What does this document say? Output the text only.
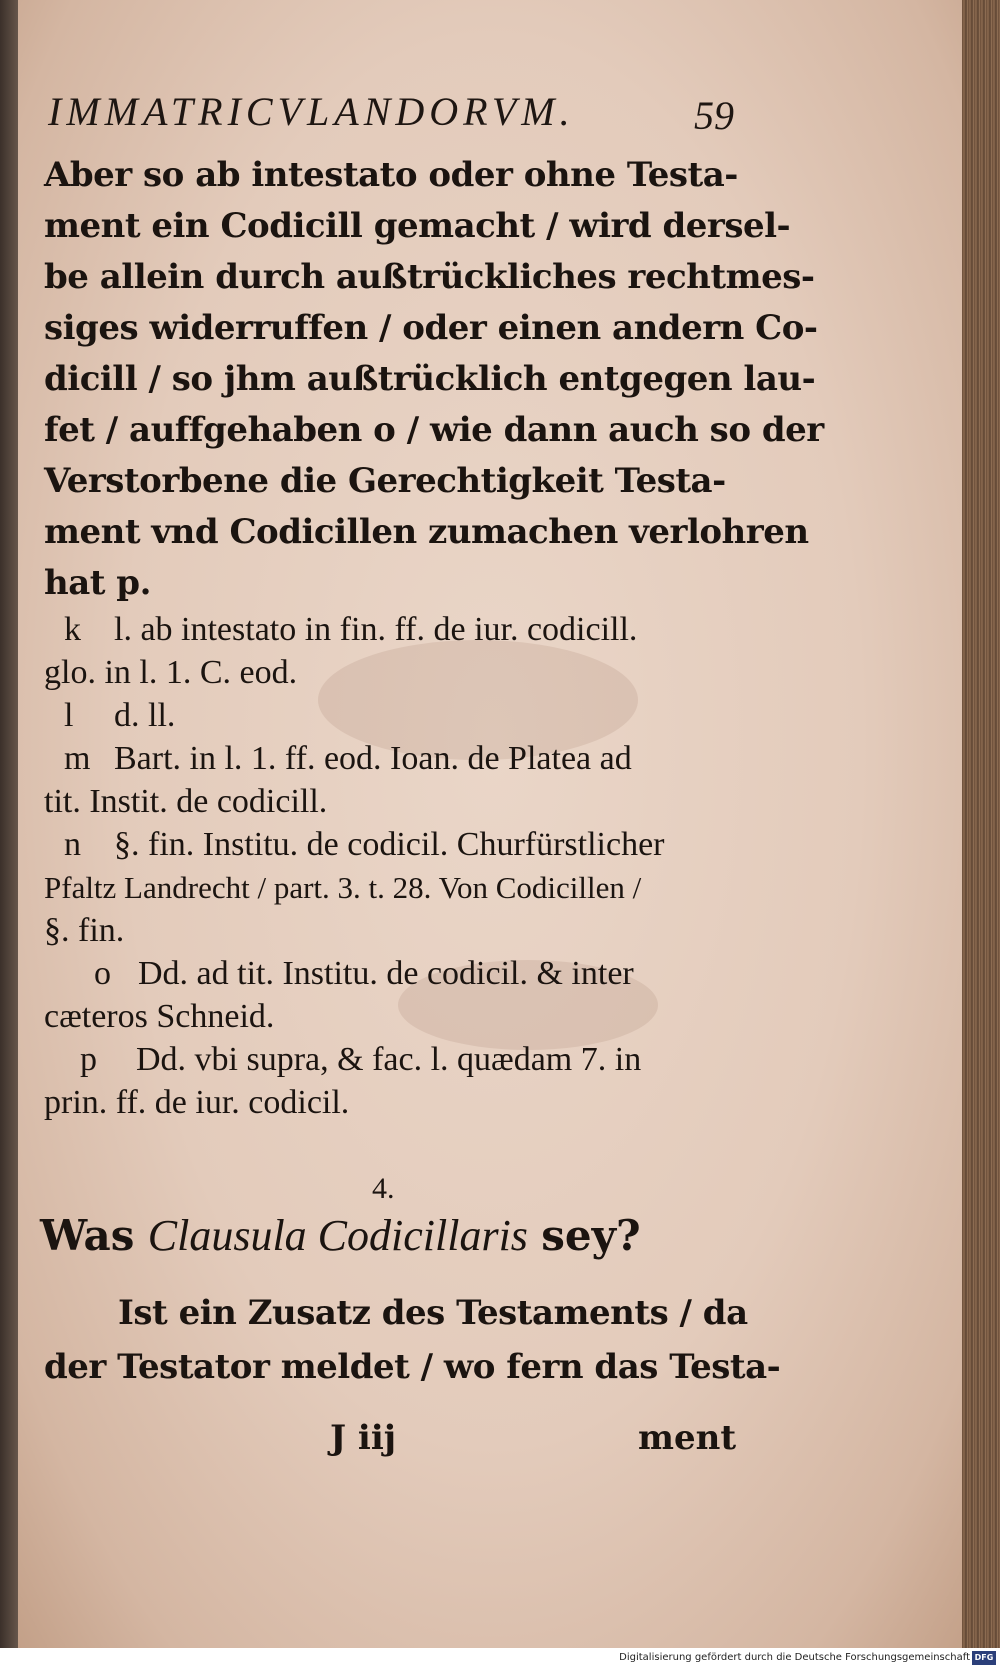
IMMATRICVLANDORVM.	59
Aber so ab intestato oder ohne Testa-
ment ein Codicill gemacht / wird dersel-
be allein durch außtrückliches rechtmes-
siges widerruffen / oder einen andern Co-
dicill / so jhm außtrücklich entgegen lau-
fet / auffgehaben o / wie dann auch so der
Verstorbene die Gerechtigkeit Testa-
ment vnd Codicillen zumachen verlohren
hat p.
k l. ab intestato in fin. ff. de iur. codicill.
glo. in l. 1. C. eod.
l d. ll.
m Bart. in l. 1. ff. eod. Ioan. de Platea ad
tit. Instit. de codicill.
n §. fin. Institu. de codicil. Churfürstlicher
Pfaltz Landrecht / part. 3. t. 28. Von Codicillen /
§. fin.
o Dd. ad tit. Institu. de codicil. & inter
cæteros Schneid.
p Dd. vbi supra, & fac. l. quædam 7. in
prin. ff. de iur. codicil.
4.
Was Clausula Codicillaris sey?
Ist ein Zusatz des Testaments / da
der Testator meldet / wo fern das Testa-
J iij	ment
Digitalisierung gefördert durch die Deutsche Forschungsgemeinschaft DFG
